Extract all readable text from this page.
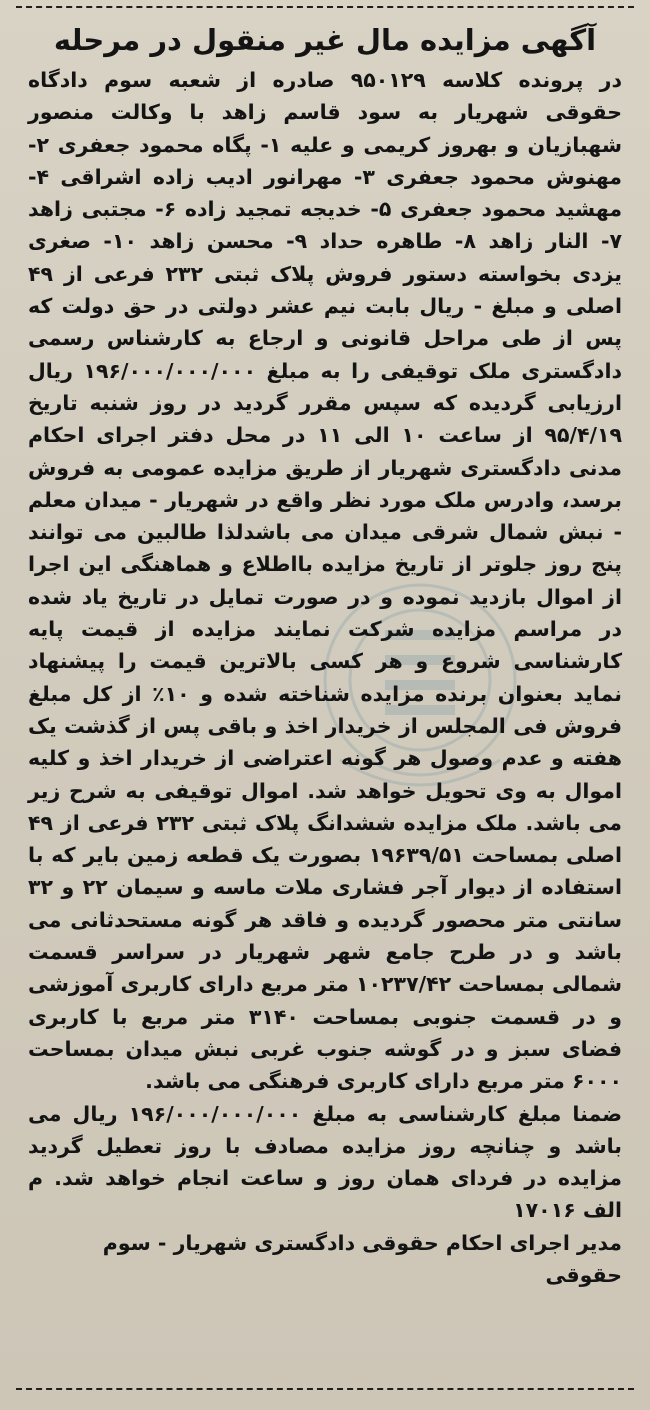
آگهی مزایده مال غیر منقول در مرحله

در پرونده کلاسه ۹۵۰۱۲۹ صادره از شعبه سوم دادگاه حقوقی شهریار به سود قاسم زاهد با وکالت منصور شهبازیان و بهروز کریمی و علیه ۱- پگاه محمود جعفری ۲- مهنوش محمود جعفری ۳- مهرانور ادیب زاده اشراقی ۴- مهشید محمود جعفری ۵- خدیجه تمجید زاده ۶- مجتبی زاهد ۷- النار زاهد ۸- طاهره حداد ۹- محسن زاهد ۱۰- صغری یزدی بخواسته دستور فروش پلاک ثبتی ۲۳۲ فرعی از ۴۹ اصلی و مبلغ - ریال بابت نیم عشر دولتی در حق دولت که پس از طی مراحل قانونی و ارجاع به کارشناس رسمی دادگستری ملک توقیفی را به مبلغ ۱۹۶/۰۰۰/۰۰۰/۰۰۰ ریال ارزیابی گردیده که سپس مقرر گردید در روز شنبه تاریخ ۹۵/۴/۱۹ از ساعت ۱۰ الی ۱۱ در محل دفتر اجرای احکام مدنی دادگستری شهریار از طریق مزایده عمومی به فروش برسد، وادرس ملک مورد نظر واقع در شهریار - میدان معلم - نبش شمال شرقی میدان می باشدلذا طالبین می توانند پنج روز جلوتر از تاریخ مزایده بااطلاع و هماهنگی این اجرا از اموال بازدید نموده و در صورت تمایل در تاریخ یاد شده در مراسم مزایده شرکت نمایند مزایده از قیمت پایه کارشناسی شروع و هر کسی بالاترین قیمت را پیشنهاد نماید بعنوان برنده مزایده شناخته شده و ۱۰٪ از کل مبلغ فروش فی المجلس از خریدار اخذ و باقی پس از گذشت یک هفته و عدم وصول هر گونه اعتراضی از خریدار اخذ و کلیه اموال به وی تحویل خواهد شد. اموال توقیفی به شرح زیر می باشد. ملک مزایده ششدانگ پلاک ثبتی ۲۳۲ فرعی از ۴۹ اصلی بمساحت ۱۹۶۳۹/۵۱ بصورت یک قطعه زمین بایر که با استفاده از دیوار آجر فشاری ملات ماسه و سیمان ۲۲ و ۳۲ سانتی متر محصور گردیده و فاقد هر گونه مستحدثانی می باشد و در طرح جامع شهر شهریار در سراسر قسمت شمالی بمساحت ۱۰۲۳۷/۴۲ متر مربع دارای کاربری آموزشی و در قسمت جنوبی بمساحت ۳۱۴۰ متر مربع با کاربری فضای سبز و در گوشه جنوب غربی نبش میدان بمساحت ۶۰۰۰ متر مربع دارای کاربری فرهنگی می باشد.

ضمنا مبلغ کارشناسی به مبلغ ۱۹۶/۰۰۰/۰۰۰/۰۰۰ ریال می باشد و چنانچه روز مزایده مصادف با روز تعطیل گردید مزایده در فردای همان روز و ساعت انجام خواهد شد. م الف ۱۷۰۱۶

مدیر اجرای احکام حقوقی دادگستری شهریار - سوم حقوقی
